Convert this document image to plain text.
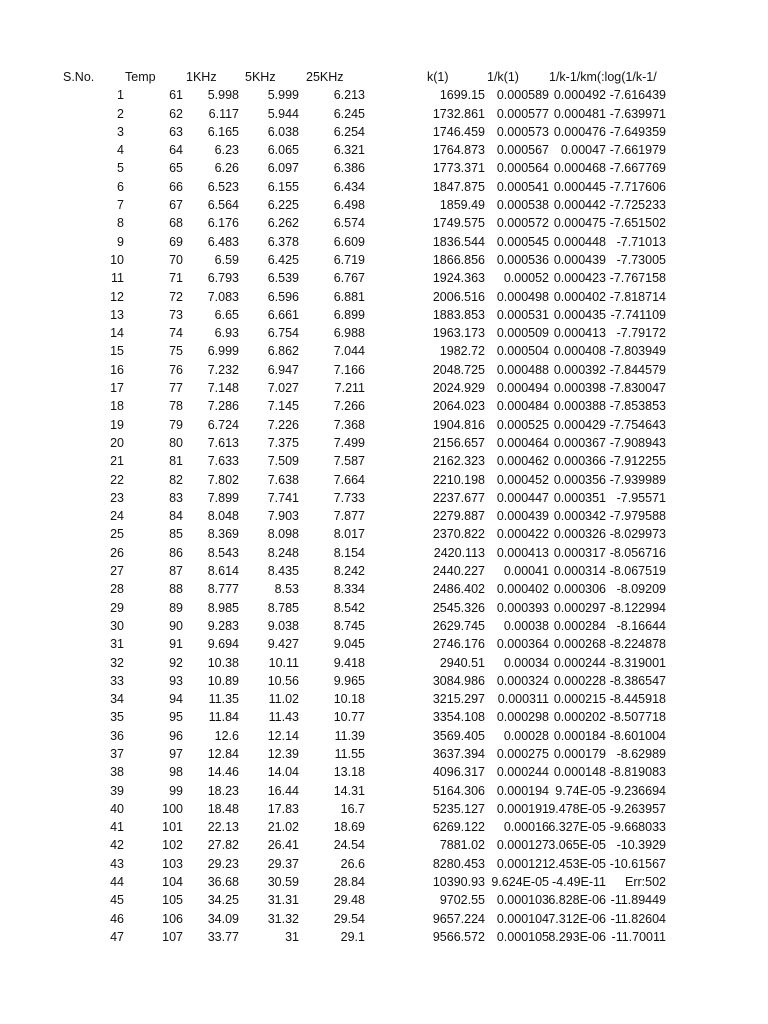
S.No. Temp 1KHz 5KHz 25KHz	k(1)	1/k(1) 1/k-1/km(:log(1/k-1/
1	61 5.998 5.999	6.213	1699.15 0.000589 0.000492 -7.616439
2	62 6.117 5.944	6.245	1732.861 0.000577 0.000481 -7.639971
3	63 6.165 6.038	6.254	1746.459 0.000573 0.000476 -7.649359
4	64	6.23 6.065	6.321	1764.873 0.000567 0.00047 -7.661979
5	65	6.26 6.097	6.386	1773.371 0.000564 0.000468 -7.667769
6	66 6.523 6.155	6.434	1847.875 0.000541 0.000445 -7.717606
7	67 6.564 6.225	6.498	1859.49 0.000538 0.000442 -7.725233
8	68 6.176 6.262	6.574	1749.575 0.000572 0.000475 -7.651502
9	69 6.483 6.378	6.609	1836.544 0.000545 0.000448 -7.71013
10	70	6.59 6.425	6.719	1866.856 0.000536 0.000439 -7.73005
11	71 6.793 6.539	6.767	1924.363 0.00052 0.000423 -7.767158
12	72 7.083 6.596	6.881	2006.516 0.000498 0.000402 -7.818714
13	73	6.65 6.661	6.899	1883.853 0.000531 0.000435 -7.741109
14	74	6.93 6.754	6.988	1963.173 0.000509 0.000413 -7.79172
15	75 6.999 6.862	7.044	1982.72 0.000504 0.000408 -7.803949
16	76 7.232 6.947	7.166	2048.725 0.000488 0.000392 -7.844579
17	77 7.148 7.027	7.211	2024.929 0.000494 0.000398 -7.830047
18	78 7.286 7.145	7.266	2064.023 0.000484 0.000388 -7.853853
19	79 6.724 7.226	7.368	1904.816 0.000525 0.000429 -7.754643
20	80 7.613 7.375	7.499	2156.657 0.000464 0.000367 -7.908943
21	81 7.633 7.509	7.587	2162.323 0.000462 0.000366 -7.912255
22	82 7.802 7.638	7.664	2210.198 0.000452 0.000356 -7.939989
23	83 7.899 7.741	7.733	2237.677 0.000447 0.000351 -7.95571
24	84 8.048 7.903	7.877	2279.887 0.000439 0.000342 -7.979588
25	85 8.369 8.098	8.017	2370.822 0.000422 0.000326 -8.029973
26	86 8.543 8.248	8.154	2420.113 0.000413 0.000317 -8.056716
27	87 8.614 8.435	8.242	2440.227 0.00041 0.000314 -8.067519
28	88 8.777	8.53	8.334	2486.402 0.000402 0.000306 -8.09209
29	89 8.985 8.785	8.542	2545.326 0.000393 0.000297 -8.122994
30	90 9.283 9.038	8.745	2629.745 0.00038 0.000284 -8.16644
31	91 9.694 9.427	9.045	2746.176 0.000364 0.000268 -8.224878
32	92 10.38 10.11	9.418	2940.51 0.00034 0.000244 -8.319001
33	93 10.89 10.56	9.965	3084.986 0.000324 0.000228 -8.386547
34	94 11.35 11.02	10.18	3215.297 0.000311 0.000215 -8.445918
35	95 11.84 11.43	10.77	3354.108 0.000298 0.000202 -8.507718
36	96	12.6 12.14	11.39	3569.405 0.00028 0.000184 -8.601004
37	97 12.84 12.39	11.55	3637.394 0.000275 0.000179 -8.62989
38	98 14.46 14.04	13.18	4096.317 0.000244 0.000148 -8.819083
39	99 18.23 16.44	14.31	5164.306 0.000194 9.74E-05 -9.236694
40	100 18.48 17.83	16.7	5235.127 0.000191 9.478E-05 -9.263957
41	101 22.13 21.02	18.69	6269.122 0.00016 6.327E-05 -9.668033
42	102 27.82 26.41	24.54	7881.02 0.000127 3.065E-05 -10.3929
43	103 29.23 29.37	26.6	8280.453 0.000121 2.453E-05 -10.61567
44	104 36.68 30.59	28.84	10390.93 9.624E-05 -4.49E-11 Err:502
45	105 34.25 31.31	29.48	9702.55 0.000103 6.828E-06 -11.89449
46	106 34.09 31.32	29.54	9657.224 0.000104 7.312E-06 -11.82604
47	107 33.77	31	29.1	9566.572 0.000105 8.293E-06 -11.70011
